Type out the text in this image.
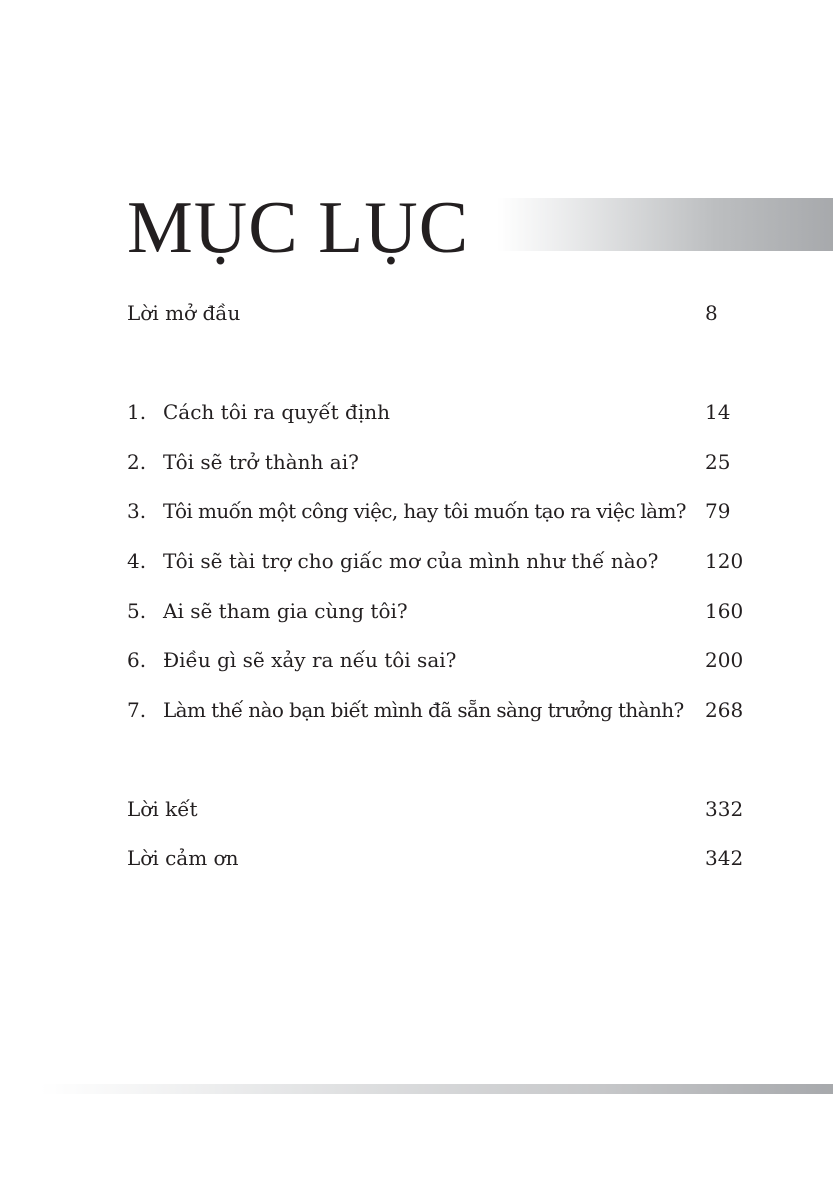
MỤC LỤC
Lời mở đầu	8
1. Cách tôi ra quyết định	14
2. Tôi sẽ trở thành ai?	25
3. Tôi muốn một công việc, hay tôi muốn tạo ra việc làm? 79
4. Tôi sẽ tài trợ cho giấc mơ của mình như thế nào? 120
5. Ai sẽ tham gia cùng tôi?	160
6. Điều gì sẽ xảy ra nếu tôi sai?	200
7. Làm thế nào bạn biết mình đã sẵn sàng trưởng thành? 268
Lời kết	332
Lời cảm ơn	342
